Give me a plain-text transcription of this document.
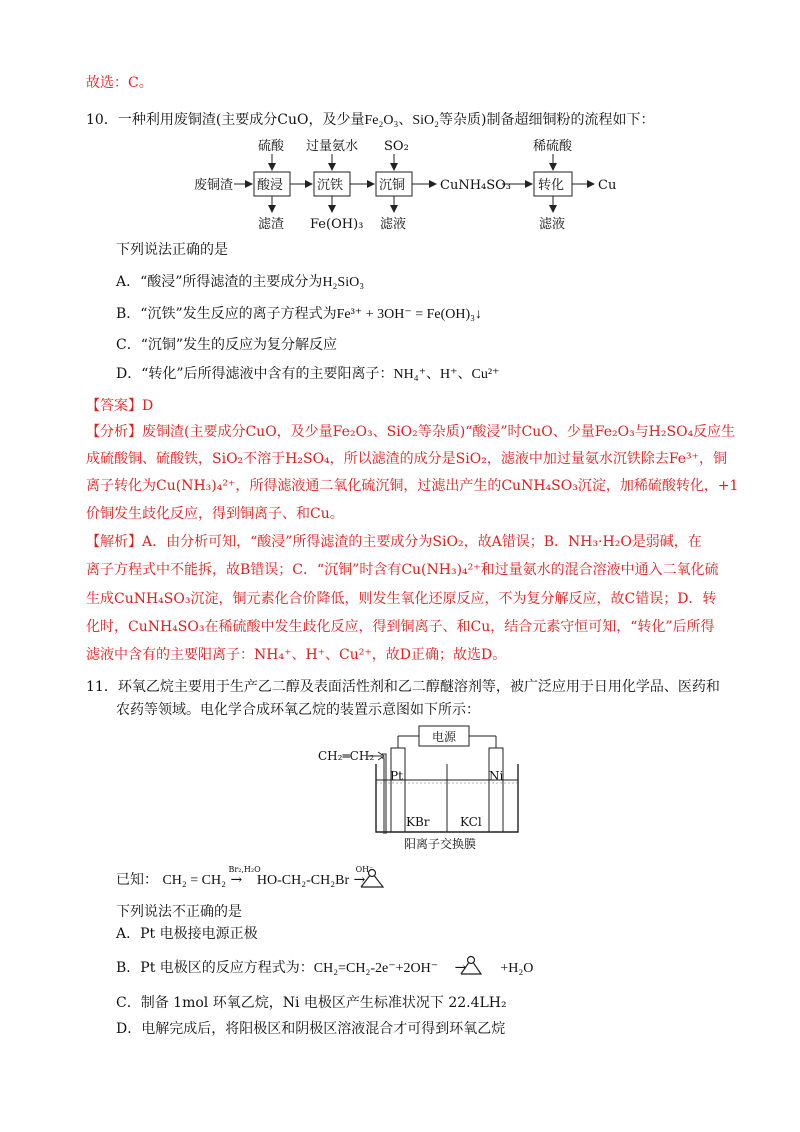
故选：C。
10．一种利用废铜渣(主要成分CuO，及少量Fe₂O₃、SiO₂等杂质)制备超细铜粉的流程如下：
废铜渣 酸浸	沉铁	沉铜	CuNH₄SO₃ 转化	Cu
硫酸 过量氨水 SO₂	稀硫酸
滤渣 Fe(OH)₃ 滤液	滤液
下列说法正确的是
A．“酸浸”所得滤渣的主要成分为H₂SiO₃
B．“沉铁”发生反应的离子方程式为Fe³⁺ + 3OH⁻ = Fe(OH)₃↓
C．“沉铜”发生的反应为复分解反应
D．“转化”后所得滤液中含有的主要阳离子：NH₄⁺、H⁺、Cu²⁺
【答案】D
【分析】废铜渣(主要成分CuO，及少量Fe₂O₃、SiO₂等杂质)“酸浸”时CuO、少量Fe₂O₃与H₂SO₄反应生
成硫酸铜、硫酸铁，SiO₂不溶于H₂SO₄，所以滤渣的成分是SiO₂，滤液中加过量氨水沉铁除去Fe³⁺，铜
离子转化为Cu(NH₃)₄²⁺，所得滤液通二氧化硫沉铜，过滤出产生的CuNH₄SO₃沉淀，加稀硫酸转化，+1
价铜发生歧化反应，得到铜离子、和Cu。
【解析】A．由分析可知，“酸浸”所得滤渣的主要成分为SiO₂，故A错误；B．NH₃·H₂O是弱碱，在
离子方程式中不能拆，故B错误；C．“沉铜”时含有Cu(NH₃)₄²⁺和过量氨水的混合溶液中通入二氧化硫
生成CuNH₄SO₃沉淀，铜元素化合价降低，则发生氧化还原反应，不为复分解反应，故C错误；D．转
化时，CuNH₄SO₃在稀硫酸中发生歧化反应，得到铜离子、和Cu，结合元素守恒可知，“转化”后所得
滤液中含有的主要阳离子：NH₄⁺、H⁺、Cu²⁺，故D正确；故选D。
11．环氧乙烷主要用于生产乙二醇及表面活性剂和乙二醇醚溶剂等，被广泛应用于日用化学品、医药和
农药等领域。电化学合成环氧乙烷的装置示意图如下所示：
CH₂═CH₂
电源
Pt	Ni
KBr	KCl
阳离子交换膜
已知： CH₂ = CH₂
Br₂,H₂O
→ HO-CH₂-CH₂Br
OH⁻
→
下列说法不正确的是
A．Pt 电极接电源正极
B．Pt 电极区的反应方程式为：CH₂=CH₂-2e⁻+2OH⁻ → +H₂O
C．制备 1mol 环氧乙烷，Ni 电极区产生标准状况下 22.4LH₂
D．电解完成后，将阳极区和阴极区溶液混合才可得到环氧乙烷
